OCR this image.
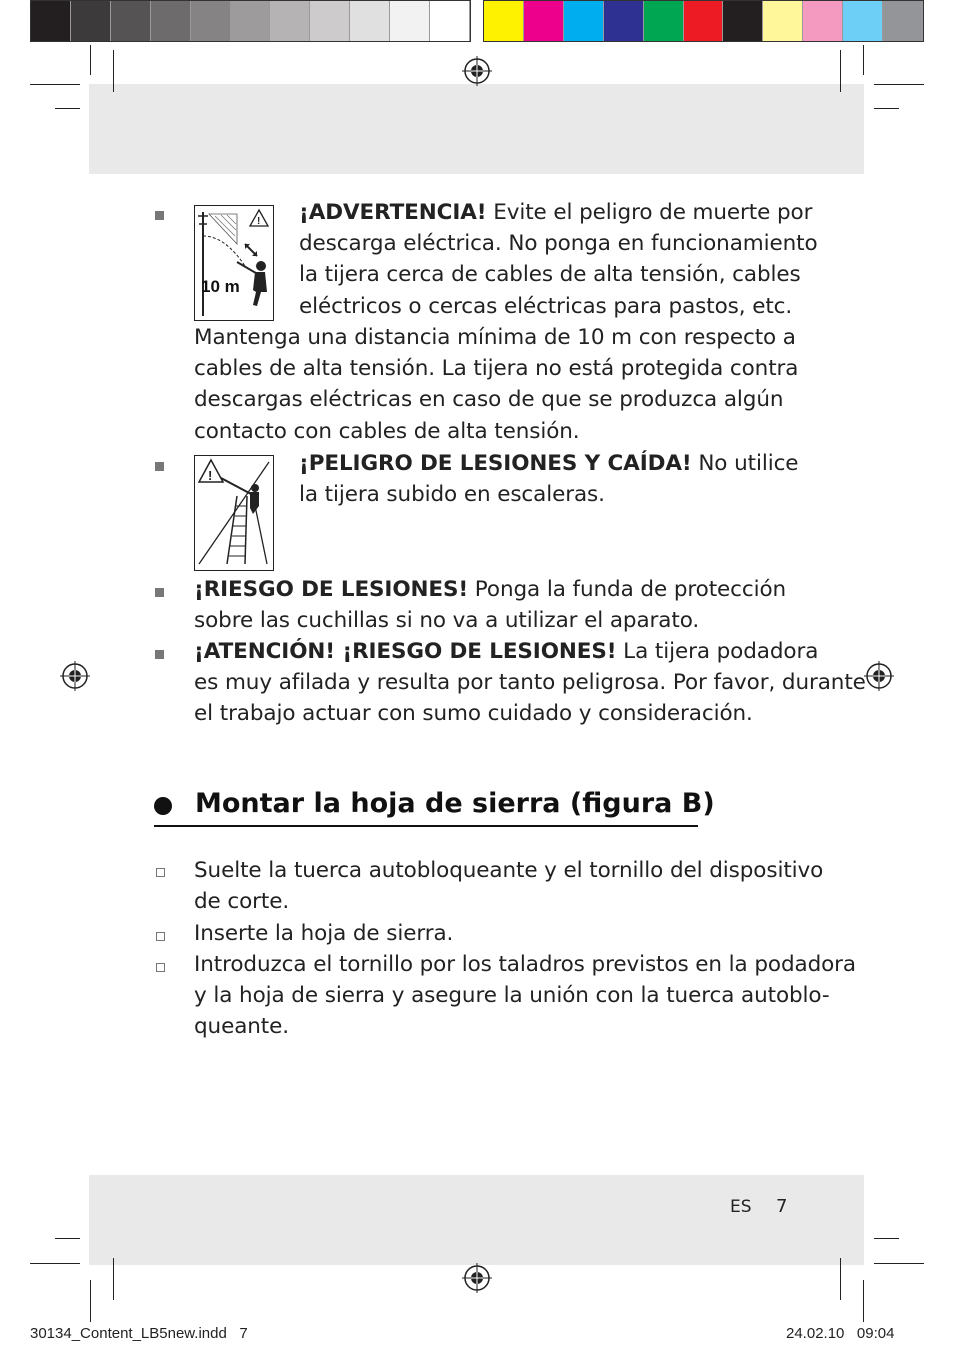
!
10 m
¡ADVERTENCIA! Evite el peligro de muerte por
descarga eléctrica. No ponga en funcionamiento
la tijera cerca de cables de alta tensión, cables
eléctricos o cercas eléctricas para pastos, etc.
Mantenga una distancia mínima de 10 m con respecto a
cables de alta tensión. La tijera no está protegida contra
descargas eléctricas en caso de que se produzca algún
contacto con cables de alta tensión.
!	¡PELIGRO DE LESIONES Y CAÍDA! No utilice
la tijera subido en escaleras.
¡RIESGO DE LESIONES! Ponga la funda de protección
sobre las cuchillas si no va a utilizar el aparato.
¡ATENCIÓN! ¡RIESGO DE LESIONES! La tijera podadora
es muy afilada y resulta por tanto peligrosa. Por favor, durante
el trabajo actuar con sumo cuidado y consideración.
Montar la hoja de sierra (figura B)
Suelte la tuerca autobloqueante y el tornillo del dispositivo
de corte.
Inserte la hoja de sierra.
Introduzca el tornillo por los taladros previstos en la podadora
y la hoja de sierra y asegure la unión con la tuerca autoblo-
queante.
ES 7
30134_Content_LB5new.indd   7	24.02.10   09:04
